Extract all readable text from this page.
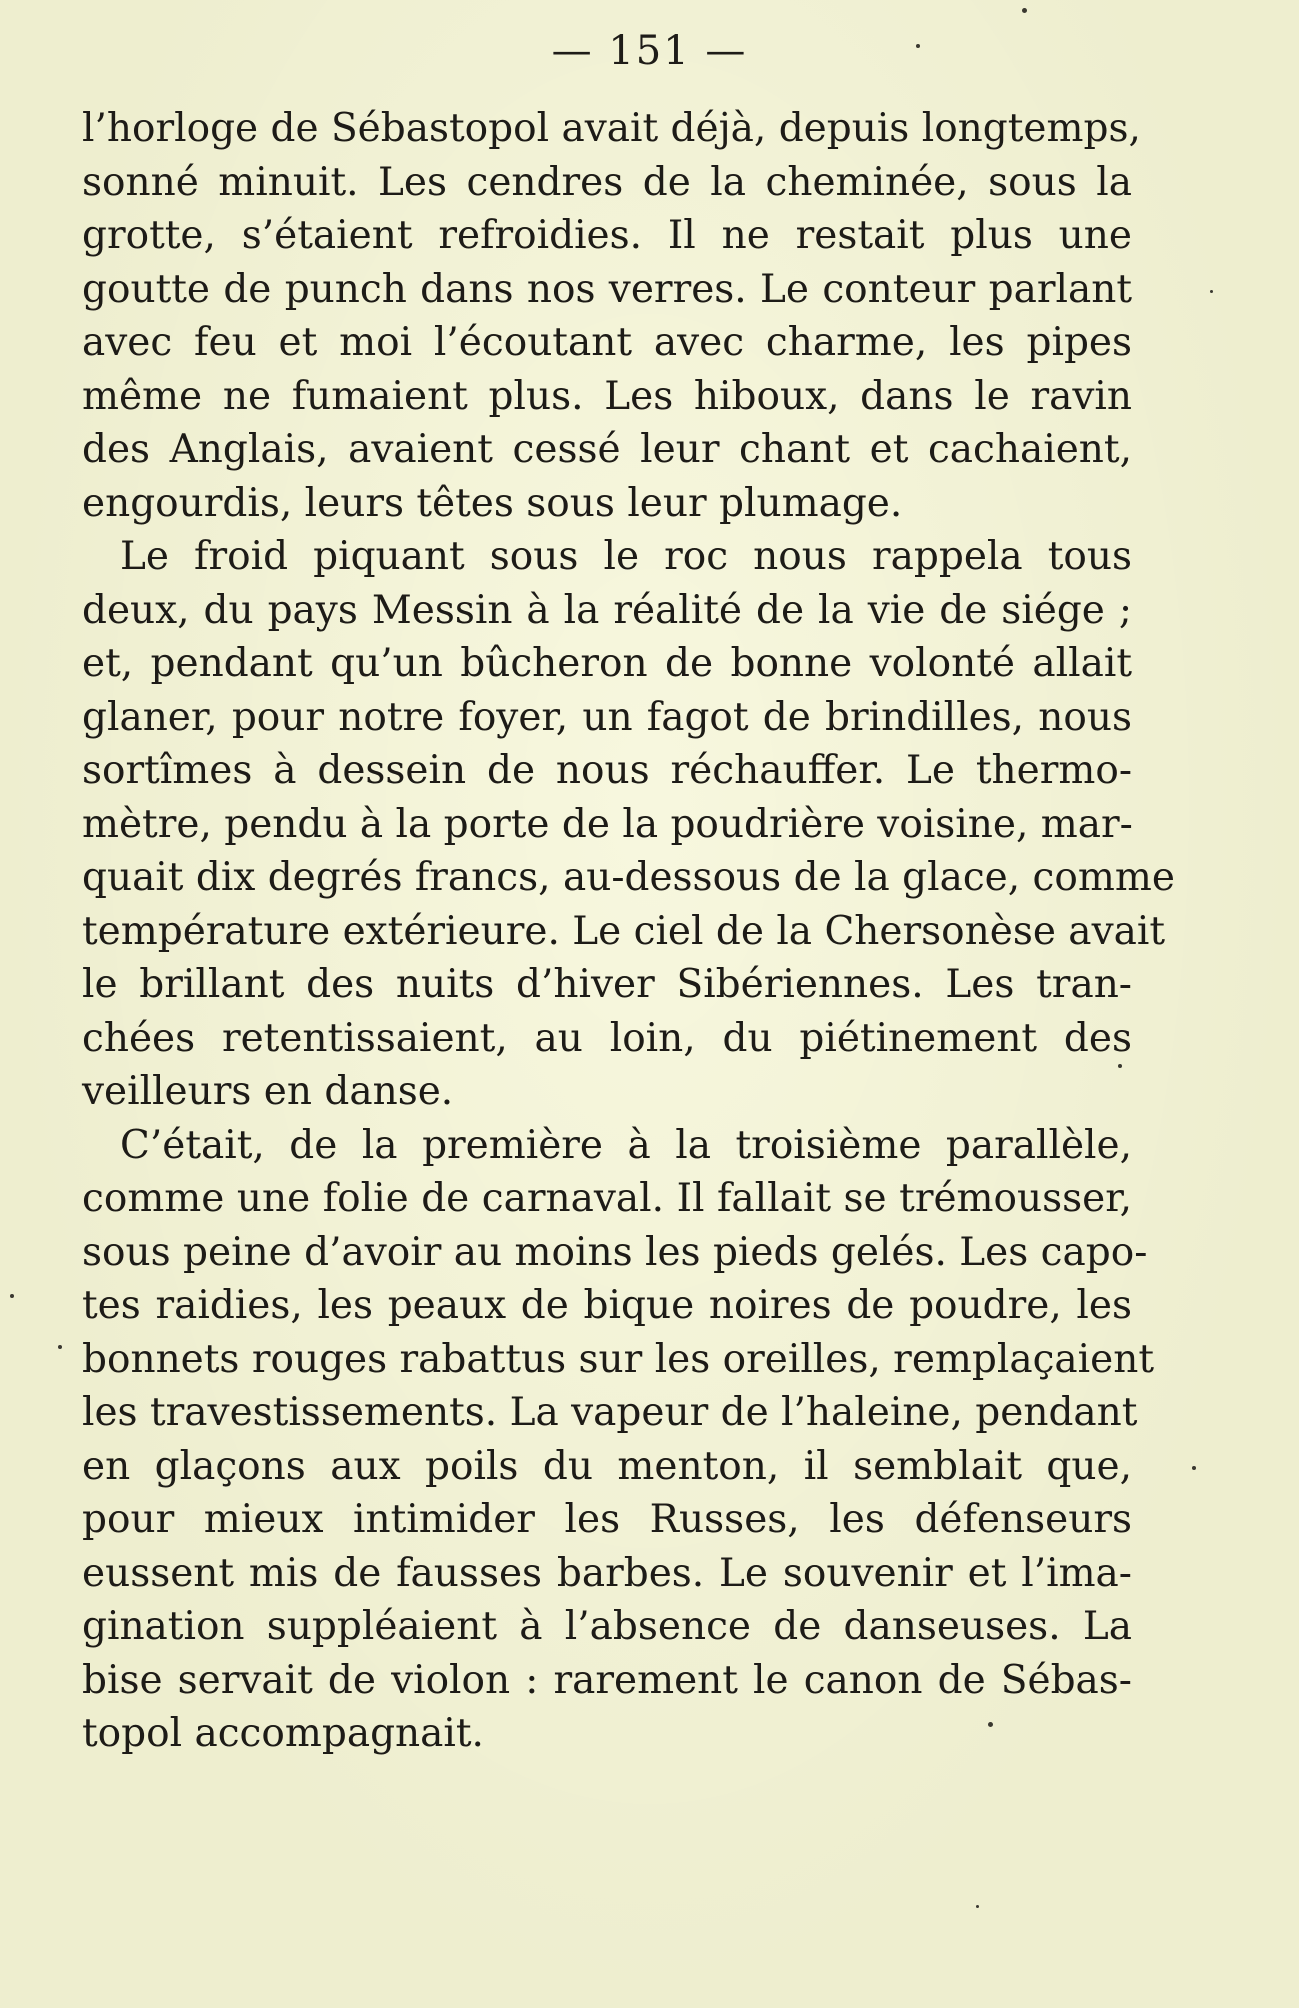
— 151 —
l’horloge de Sébastopol avait déjà, depuis longtemps,
sonné minuit. Les cendres de la cheminée, sous la
grotte, s’étaient refroidies. Il ne restait plus une
goutte de punch dans nos verres. Le conteur parlant
avec feu et moi l’écoutant avec charme, les pipes
même ne fumaient plus. Les hiboux, dans le ravin
des Anglais, avaient cessé leur chant et cachaient,
engourdis, leurs têtes sous leur plumage.
Le froid piquant sous le roc nous rappela tous
deux, du pays Messin à la réalité de la vie de siége ;
et, pendant qu’un bûcheron de bonne volonté allait
glaner, pour notre foyer, un fagot de brindilles, nous
sortîmes à dessein de nous réchauffer. Le thermo-
mètre, pendu à la porte de la poudrière voisine, mar-
quait dix degrés francs, au-dessous de la glace, comme
température extérieure. Le ciel de la Chersonèse avait
le brillant des nuits d’hiver Sibériennes. Les tran-
chées retentissaient, au loin, du piétinement des
veilleurs en danse.
C’était, de la première à la troisième parallèle,
comme une folie de carnaval. Il fallait se trémousser,
sous peine d’avoir au moins les pieds gelés. Les capo-
tes raidies, les peaux de bique noires de poudre, les
bonnets rouges rabattus sur les oreilles, remplaçaient
les travestissements. La vapeur de l’haleine, pendant
en glaçons aux poils du menton, il semblait que,
pour mieux intimider les Russes, les défenseurs
eussent mis de fausses barbes. Le souvenir et l’ima-
gination suppléaient à l’absence de danseuses. La
bise servait de violon : rarement le canon de Sébas-
topol accompagnait.
